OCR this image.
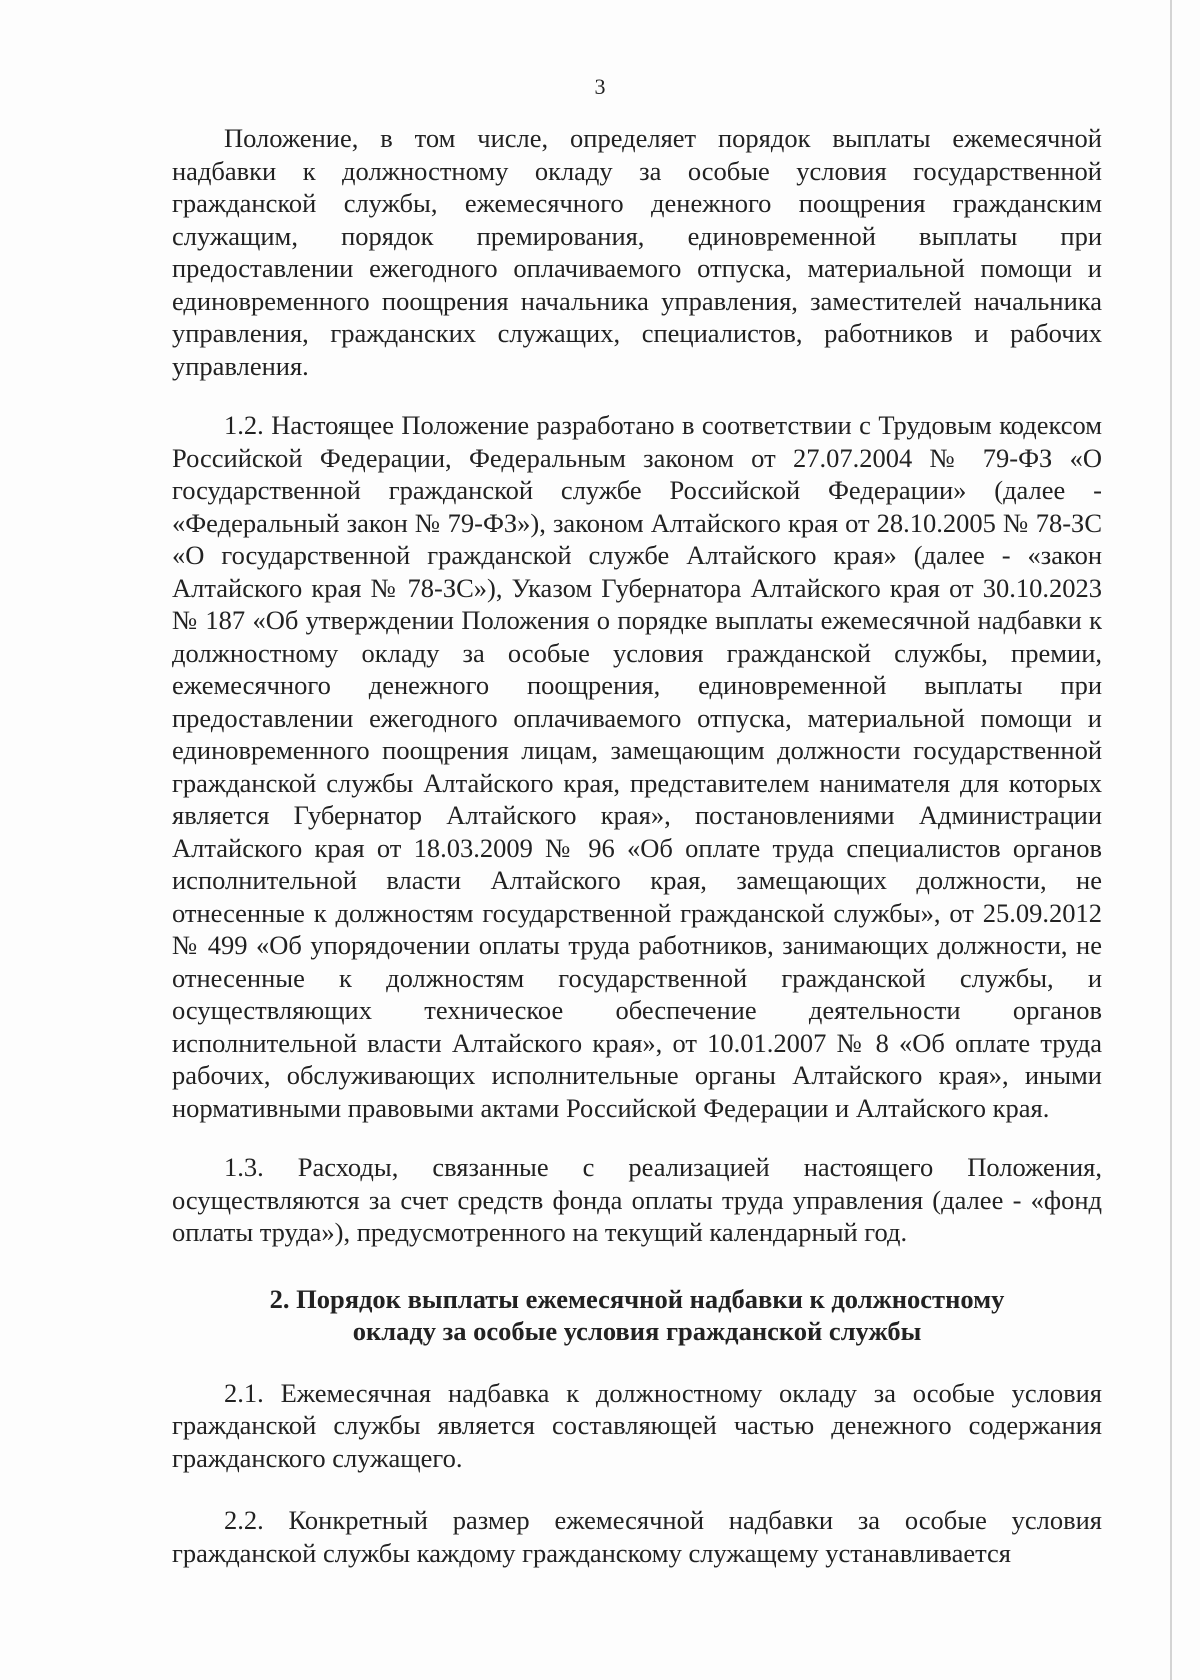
3

Положение, в том числе, определяет порядок выплаты ежемесячной надбавки к должностному окладу за особые условия государственной гражданской службы, ежемесячного денежного поощрения гражданским служащим, порядок премирования, единовременной выплаты при предоставлении ежегодного оплачиваемого отпуска, материальной помощи и единовременного поощрения начальника управления, заместителей начальника управления, гражданских служащих, специалистов, работников и рабочих управления.

1.2. Настоящее Положение разработано в соответствии с Трудовым кодексом Российской Федерации, Федеральным законом от 27.07.2004 № 79-ФЗ «О государственной гражданской службе Российской Федерации» (далее - «Федеральный закон № 79-ФЗ»), законом Алтайского края от 28.10.2005 № 78-ЗС «О государственной гражданской службе Алтайского края» (далее - «закон Алтайского края № 78-ЗС»), Указом Губернатора Алтайского края от 30.10.2023 № 187 «Об утверждении Положения о порядке выплаты ежемесячной надбавки к должностному окладу за особые условия гражданской службы, премии, ежемесячного денежного поощрения, единовременной выплаты при предоставлении ежегодного оплачиваемого отпуска, материальной помощи и единовременного поощрения лицам, замещающим должности государственной гражданской службы Алтайского края, представителем нанимателя для которых является Губернатор Алтайского края», постановлениями Администрации Алтайского края от 18.03.2009 № 96 «Об оплате труда специалистов органов исполнительной власти Алтайского края, замещающих должности, не отнесенные к должностям государственной гражданской службы», от 25.09.2012 № 499 «Об упорядочении оплаты труда работников, занимающих должности, не отнесенные к должностям государственной гражданской службы, и осуществляющих техническое обеспечение деятельности органов исполнительной власти Алтайского края», от 10.01.2007 № 8 «Об оплате труда рабочих, обслуживающих исполнительные органы Алтайского края», иными нормативными правовыми актами Российской Федерации и Алтайского края.

1.3. Расходы, связанные с реализацией настоящего Положения, осуществляются за счет средств фонда оплаты труда управления (далее - «фонд оплаты труда»), предусмотренного на текущий календарный год.

2. Порядок выплаты ежемесячной надбавки к должностному
окладу за особые условия гражданской службы

2.1. Ежемесячная надбавка к должностному окладу за особые условия гражданской службы является составляющей частью денежного содержания гражданского служащего.

2.2. Конкретный размер ежемесячной надбавки за особые условия гражданской службы каждому гражданскому служащему устанавливается
